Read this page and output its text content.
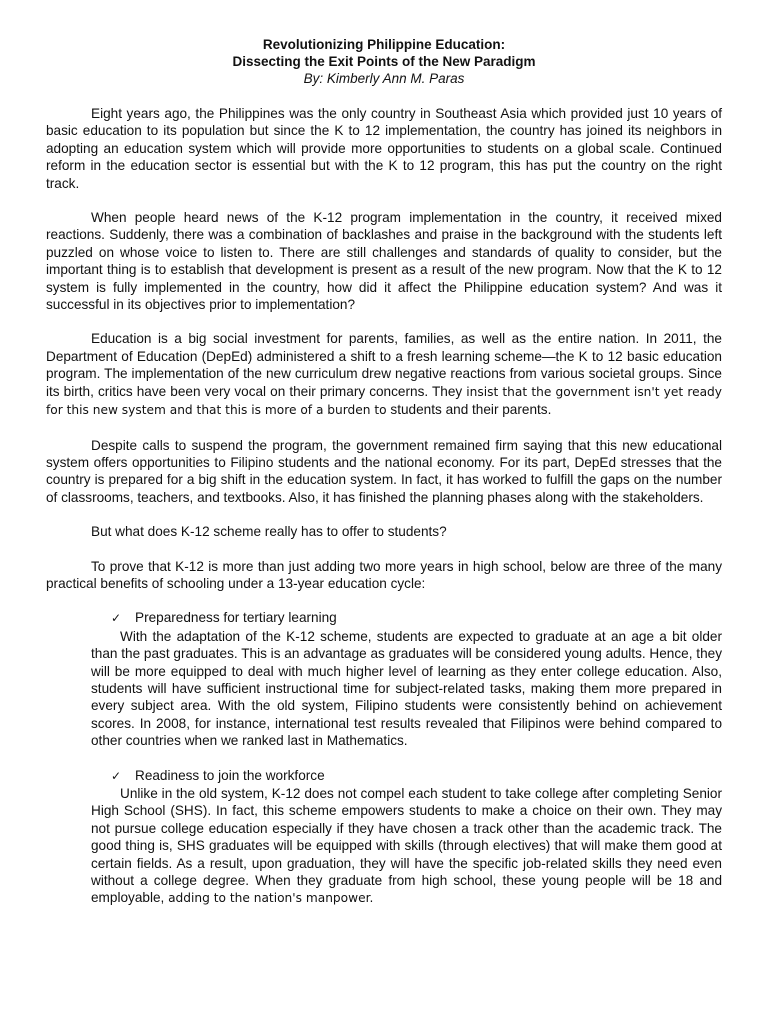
Revolutionizing Philippine Education:
Dissecting the Exit Points of the New Paradigm
By: Kimberly Ann M. Paras

Eight years ago, the Philippines was the only country in Southeast Asia which provided just 10 years of basic education to its population but since the K to 12 implementation, the country has joined its neighbors in adopting an education system which will provide more opportunities to students on a global scale. Continued reform in the education sector is essential but with the K to 12 program, this has put the country on the right track.

When people heard news of the K-12 program implementation in the country, it received mixed reactions. Suddenly, there was a combination of backlashes and praise in the background with the students left puzzled on whose voice to listen to. There are still challenges and standards of quality to consider, but the important thing is to establish that development is present as a result of the new program. Now that the K to 12 system is fully implemented in the country, how did it affect the Philippine education system? And was it successful in its objectives prior to implementation?

Education is a big social investment for parents, families, as well as the entire nation. In 2011, the Department of Education (DepEd) administered a shift to a fresh learning scheme—the K to 12 basic education program. The implementation of the new curriculum drew negative reactions from various societal groups. Since its birth, critics have been very vocal on their primary concerns. They insist that the government isn't yet ready for this new system and that this is more of a burden to students and their parents.

Despite calls to suspend the program, the government remained firm saying that this new educational system offers opportunities to Filipino students and the national economy. For its part, DepEd stresses that the country is prepared for a big shift in the education system. In fact, it has worked to fulfill the gaps on the number of classrooms, teachers, and textbooks. Also, it has finished the planning phases along with the stakeholders.

But what does K-12 scheme really has to offer to students?

To prove that K-12 is more than just adding two more years in high school, below are three of the many practical benefits of schooling under a 13-year education cycle:

✓	Preparedness for tertiary learning

With the adaptation of the K-12 scheme, students are expected to graduate at an age a bit older than the past graduates. This is an advantage as graduates will be considered young adults. Hence, they will be more equipped to deal with much higher level of learning as they enter college education. Also, students will have sufficient instructional time for subject-related tasks, making them more prepared in every subject area. With the old system, Filipino students were consistently behind on achievement scores. In 2008, for instance, international test results revealed that Filipinos were behind compared to other countries when we ranked last in Mathematics.

✓	Readiness to join the workforce

Unlike in the old system, K-12 does not compel each student to take college after completing Senior High School (SHS). In fact, this scheme empowers students to make a choice on their own. They may not pursue college education especially if they have chosen a track other than the academic track. The good thing is, SHS graduates will be equipped with skills (through electives) that will make them good at certain fields. As a result, upon graduation, they will have the specific job-related skills they need even without a college degree. When they graduate from high school, these young people will be 18 and employable, adding to the nation's manpower.
